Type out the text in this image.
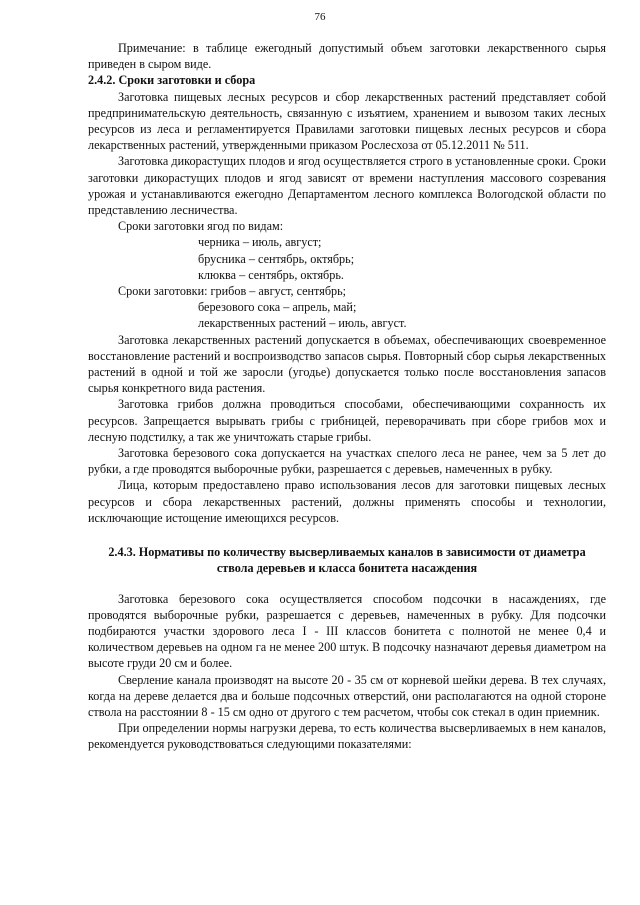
76

Примечание: в таблице ежегодный допустимый объем заготовки лекарственного сырья приведен в сыром виде.

2.4.2. Сроки заготовки и сбора

Заготовка пищевых лесных ресурсов и сбор лекарственных растений представляет собой предпринимательскую деятельность, связанную с изъятием, хранением и вывозом таких лесных ресурсов из леса и регламентируется Правилами заготовки пищевых лесных ресурсов и сбора лекарственных растений, утвержденными приказом Рослесхоза от 05.12.2011 № 511.

Заготовка дикорастущих плодов и ягод осуществляется строго в установленные сроки. Сроки заготовки дикорастущих плодов и ягод зависят от времени наступления массового созревания урожая и устанавливаются ежегодно Департаментом лесного комплекса Вологодской области по представлению лесничества.

Сроки заготовки ягод по видам:

черника – июль, август;

брусника – сентябрь, октябрь;

клюква – сентябрь, октябрь.

Сроки заготовки: грибов – август, сентябрь;

березового сока – апрель, май;

лекарственных растений – июль, август.

Заготовка лекарственных растений допускается в объемах, обеспечивающих своевременное восстановление растений и воспроизводство запасов сырья. Повторный сбор сырья лекарственных растений в одной и той же заросли (угодье) допускается только после восстановления запасов сырья конкретного вида растения.

Заготовка грибов должна проводиться способами, обеспечивающими сохранность их ресурсов. Запрещается вырывать грибы с грибницей, переворачивать при сборе грибов мох и лесную подстилку, а так же уничтожать старые грибы.

Заготовка березового сока допускается на участках спелого леса не ранее, чем за 5 лет до рубки, а где проводятся выборочные рубки, разрешается с деревьев, намеченных в рубку.

Лица, которым предоставлено право использования лесов для заготовки пищевых лесных ресурсов и сбора лекарственных растений, должны применять способы и технологии, исключающие истощение имеющихся ресурсов.

2.4.3. Нормативы по количеству высверливаемых каналов в зависимости от диаметра
ствола деревьев и класса бонитета насаждения

Заготовка березового сока осуществляется способом подсочки в насаждениях, где проводятся выборочные рубки, разрешается с деревьев, намеченных в рубку. Для подсочки подбираются участки здорового леса I - III классов бонитета с полнотой не менее 0,4 и количеством деревьев на одном га не менее 200 штук. В подсочку назначают деревья диаметром на высоте груди 20 см и более.

Сверление канала производят на высоте 20 - 35 см от корневой шейки дерева. В тех случаях, когда на дереве делается два и больше подсочных отверстий, они располагаются на одной стороне ствола на расстоянии 8 - 15 см одно от другого с тем расчетом, чтобы сок стекал в один приемник.

При определении нормы нагрузки дерева, то есть количества высверливаемых в нем каналов, рекомендуется руководствоваться следующими показателями:
